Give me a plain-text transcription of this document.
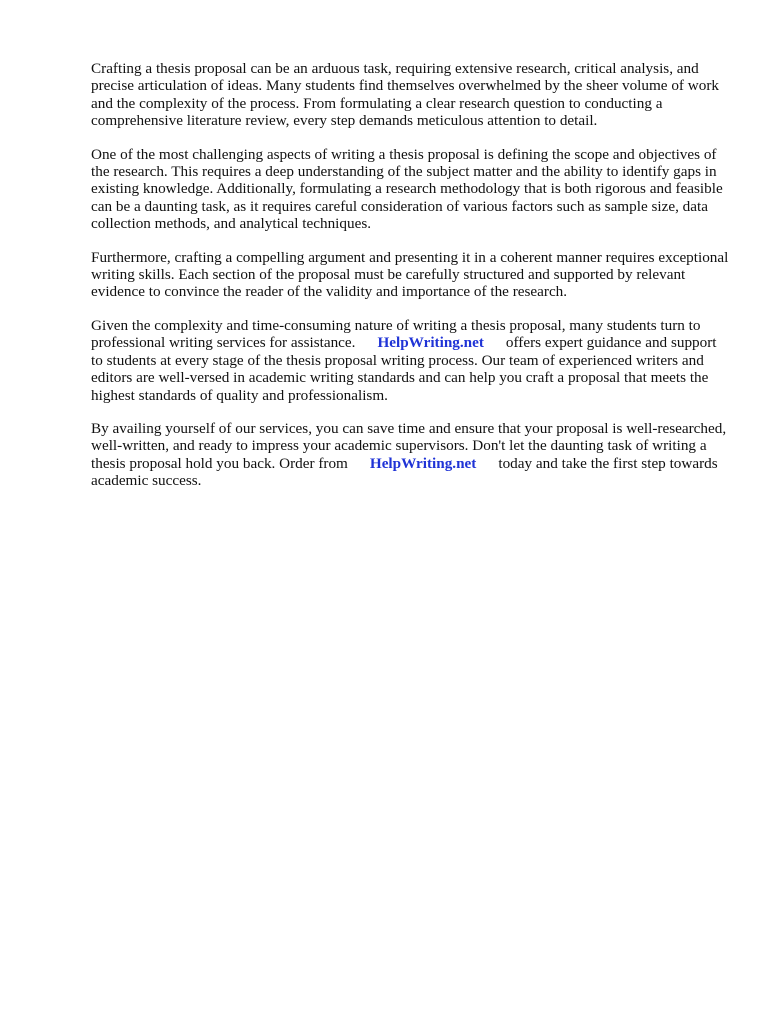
Crafting a thesis proposal can be an arduous task, requiring extensive research, critical analysis, and precise articulation of ideas. Many students find themselves overwhelmed by the sheer volume of work and the complexity of the process. From formulating a clear research question to conducting a comprehensive literature review, every step demands meticulous attention to detail.

One of the most challenging aspects of writing a thesis proposal is defining the scope and objectives of the research. This requires a deep understanding of the subject matter and the ability to identify gaps in existing knowledge. Additionally, formulating a research methodology that is both rigorous and feasible can be a daunting task, as it requires careful consideration of various factors such as sample size, data collection methods, and analytical techniques.

Furthermore, crafting a compelling argument and presenting it in a coherent manner requires exceptional writing skills. Each section of the proposal must be carefully structured and supported by relevant evidence to convince the reader of the validity and importance of the research.

Given the complexity and time-consuming nature of writing a thesis proposal, many students turn to professional writing services for assistance. HelpWriting.net offers expert guidance and support to students at every stage of the thesis proposal writing process. Our team of experienced writers and editors are well-versed in academic writing standards and can help you craft a proposal that meets the highest standards of quality and professionalism.

By availing yourself of our services, you can save time and ensure that your proposal is well-researched, well-written, and ready to impress your academic supervisors. Don't let the daunting task of writing a thesis proposal hold you back. Order from HelpWriting.net today and take the first step towards academic success.
